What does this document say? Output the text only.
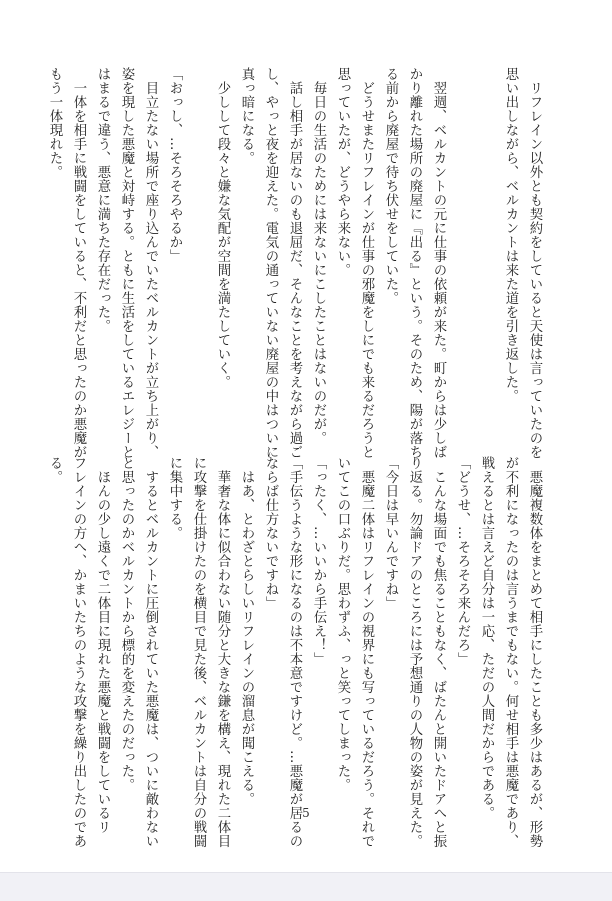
　リフレイン以外とも契約をしていると天使は言っていたのを
思い出しながら、ベルカントは来た道を引き返した。

　翌週、ベルカントの元に仕事の依頼が来た。町からは少しば
かり離れた場所の廃屋に『出る』という。そのため、陽が落ち
る前から廃屋で待ち伏せをしていた。
　どうせまたリフレインが仕事の邪魔をしにでも来るだろうと
思っていたが、どうやら来ない。
　毎日の生活のためには来ないにこしたことはないのだが。
　話し相手が居ないのも退屈だ、そんなことを考えながら過ご
し、やっと夜を迎えた。電気の通っていない廃屋の中はついに
真っ暗になる。
　少しして段々と嫌な気配が空間を満たしていく。

「おっし、…そろそろやるか」
　目立たない場所で座り込んでいたベルカントが立ち上がり、
姿を現した悪魔と対峙する。ともに生活をしているエレジーと
はまるで違う、悪意に満ちた存在だった。
　一体を相手に戦闘をしていると、不利だと思ったのか悪魔が
もう一体現れた。
　悪魔複数体をまとめて相手にしたことも多少はあるが、形勢
が不利になったのは言うまでもない。何せ相手は悪魔であり、
戦えるとは言えど自分は一応、ただの人間だからである。
「どうせ、…そろそろ来んだろ」
　こんな場面でも焦ることもなく、ばたんと開いたドアへと振
り返る。勿論ドアのところには予想通りの人物の姿が見えた。
「今日は早いんですね」
　悪魔二体はリフレインの視界にも写っているだろう。それで
いてこの口ぶりだ。思わずふ、っと笑ってしまった。
「ったく、…いいから手伝え！」
「手伝うような形になるのは不本意ですけど。…悪魔が居るの
ならば仕方ないですね」
　はあ、とわざとらしいリフレインの溜息が聞こえる。
　華奢な体に似合わない随分と大きな鎌を構え、現れた二体目
に攻撃を仕掛けたのを横目で見た後、ベルカントは自分の戦闘
に集中する。
　するとベルカントに圧倒されていた悪魔は、ついに敵わない
と思ったのかベルカントから標的を変えたのだった。
　ほんの少し遠くで二体目に現れた悪魔と戦闘をしているリ
フレインの方へ、かまいたちのような攻撃を繰り出したのであ
る。
5
